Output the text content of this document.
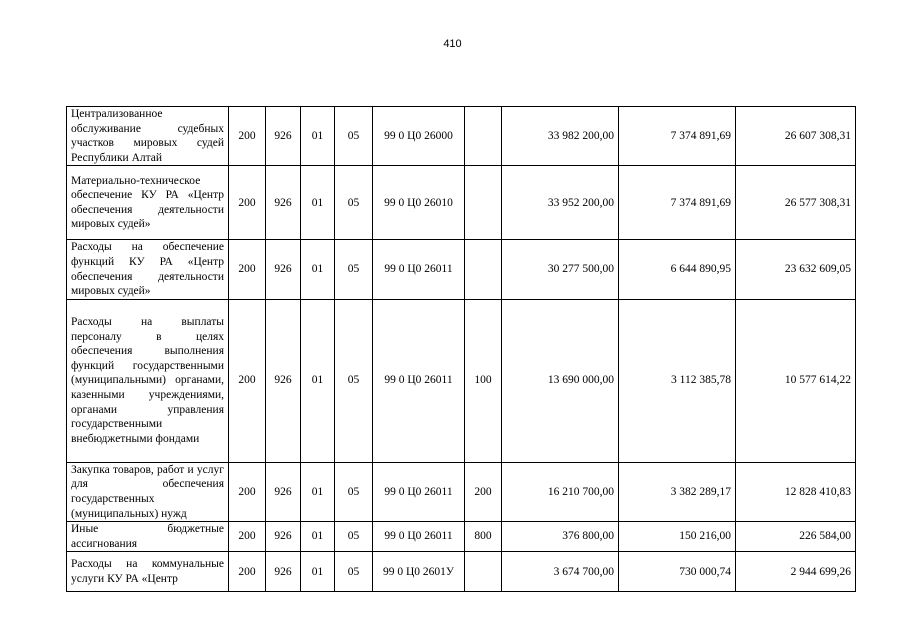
410
Централизованное обслуживание судебных участков мировых судей Республики Алтай	200	926	01	05	99 0 Ц0 26000		33 982 200,00	7 374 891,69	26 607 308,31
Материально-техническое обеспечение КУ РА «Центр обеспечения деятельности мировых судей»	200	926	01	05	99 0 Ц0 26010		33 952 200,00	7 374 891,69	26 577 308,31
Расходы на обеспечение функций КУ РА «Центр обеспечения деятельности мировых судей»	200	926	01	05	99 0 Ц0 26011		30 277 500,00	6 644 890,95	23 632 609,05
Расходы на выплаты персоналу в целях обеспечения выполнения функций государственными (муниципальными) органами, казенными учреждениями, органами управления государственными внебюджетными фондами	200	926	01	05	99 0 Ц0 26011	100	13 690 000,00	3 112 385,78	10 577 614,22
Закупка товаров, работ и услуг для обеспечения государственных (муниципальных) нужд	200	926	01	05	99 0 Ц0 26011	200	16 210 700,00	3 382 289,17	12 828 410,83
Иные бюджетные ассигнования	200	926	01	05	99 0 Ц0 26011	800	376 800,00	150 216,00	226 584,00
Расходы на коммунальные услуги КУ РА «Центр	200	926	01	05	99 0 Ц0 2601У		3 674 700,00	730 000,74	2 944 699,26
